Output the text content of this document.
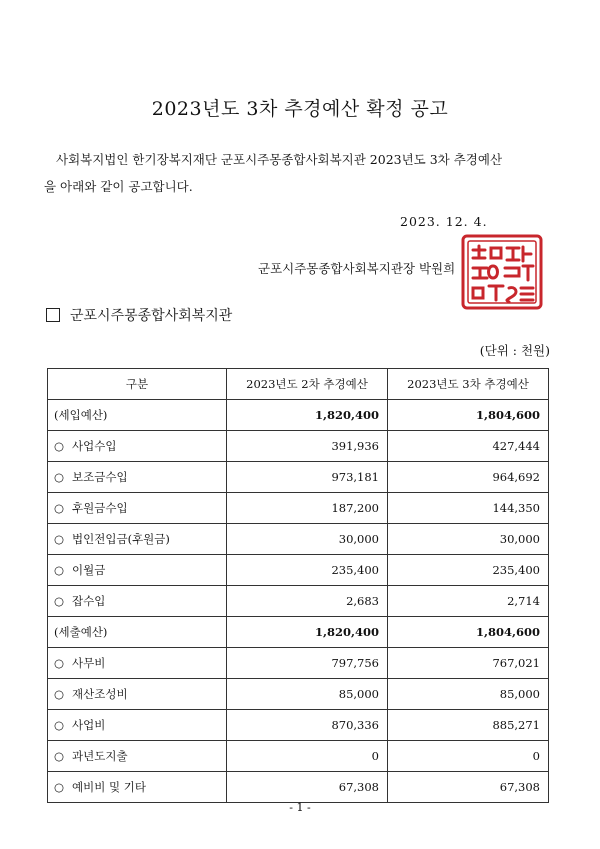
2023년도 3차 추경예산 확정 공고
사회복지법인 한기장복지재단 군포시주몽종합사회복지관 2023년도 3차 추경예산
을 아래와 같이 공고합니다.
2023. 12. 4.
군포시주몽종합사회복지관장 박원희
군포시주몽종합사회복지관
(단위 : 천원)
구분	2023년도 2차 추경예산	2023년도 3차 추경예산
(세입예산)	1,820,400	1,804,600
○ 사업수입	391,936	427,444
○ 보조금수입	973,181	964,692
○ 후원금수입	187,200	144,350
○ 법인전입금(후원금)	30,000	30,000
○ 이월금	235,400	235,400
○ 잡수입	2,683	2,714
(세출예산)	1,820,400	1,804,600
○ 사무비	797,756	767,021
○ 재산조성비	85,000	85,000
○ 사업비	870,336	885,271
○ 과년도지출	0	0
○ 예비비 및 기타	67,308	67,308
- 1 -
